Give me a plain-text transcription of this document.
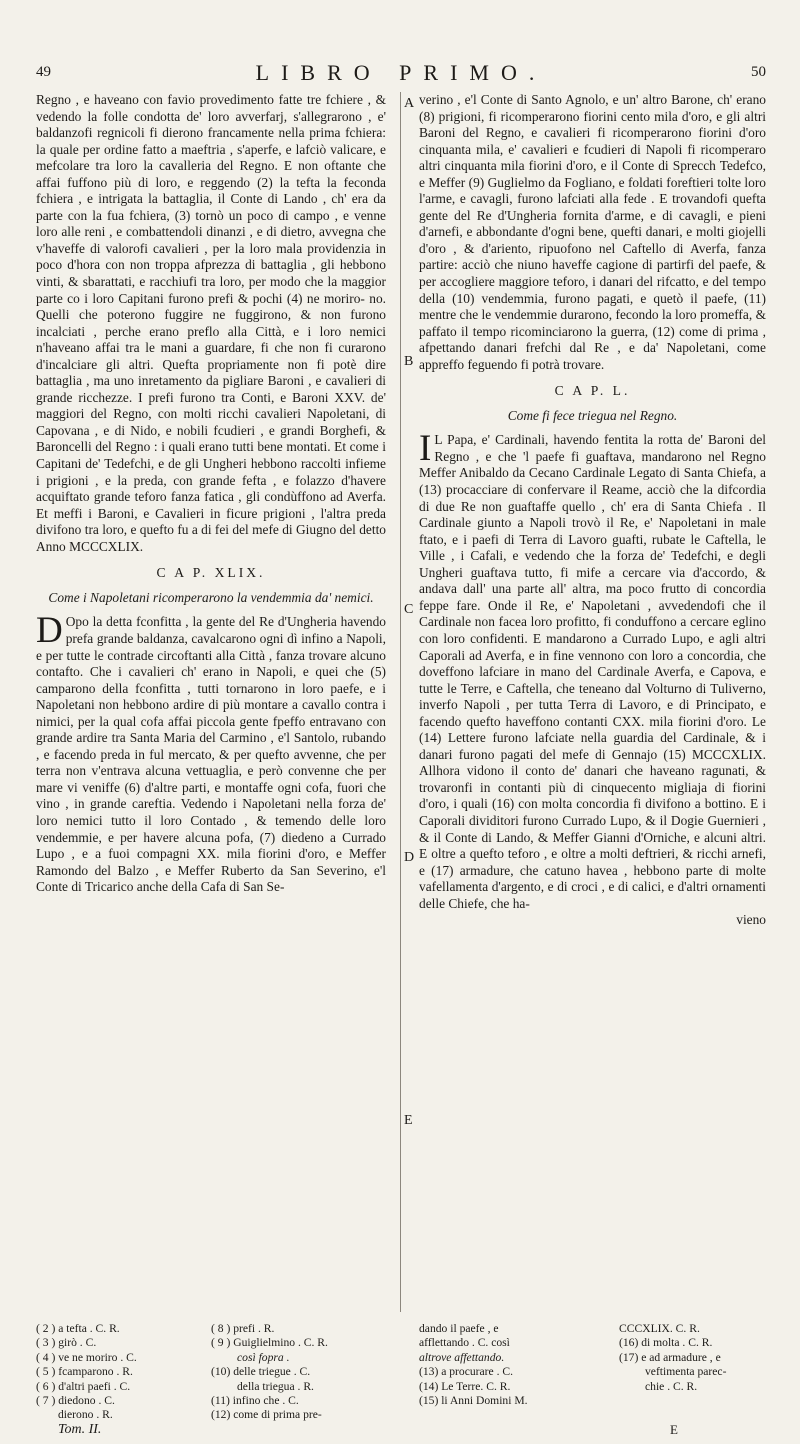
49	LIBRO PRIMO.	50
A
B
C
D
E

Regno , e haveano con favio provedimento fatte tre fchiere , & vedendo la folle condotta de' loro avverfarj, s'allegrarono , e' baldanzofi regnicoli fi dierono francamente nella prima fchiera: la quale per ordine fatto a maeftria , s'aperfe, e lafciò valicare, e mefcolare tra loro la cavalleria del Regno. E non oftante che affai fuffono più di loro, e reggendo (2) la tefta la feconda fchiera , e intrigata la battaglia, il Conte di Lando , ch' era da parte con la fua fchiera, (3) tornò un poco di campo , e venne loro alle reni , e combattendoli dinanzi , e di dietro, avvegna che v'haveffe di valorofi cavalieri , per la loro mala providenzia in poco d'hora con non troppa afprezza di battaglia , gli hebbono vinti, & sbarattati, e racchiufi tra loro, per modo che la maggior parte co i loro Capitani furono prefi & pochi (4) ne moriro- no. Quelli che poterono fuggire ne fuggirono, & non furono incalciati , perche erano preflo alla Città, e i loro nemici n'haveano affai tra le mani a guardare, fi che non fi curarono d'incalciare gli altri. Quefta propriamente non fi potè dire battaglia , ma uno inretamento da pigliare Baroni , e cavalieri di grande ricchezze. I prefi furono tra Conti, e Baroni XXV. de' maggiori del Regno, con molti ricchi cavalieri Napoletani, di Capovana , e di Nido, e nobili fcudieri , e grandi Borghefi, & Baroncelli del Regno : i quali erano tutti bene montati. Et come i Capitani de' Tedefchi, e de gli Ungheri hebbono raccolti infieme i prigioni , e la preda, con grande fefta , e folazzo d'havere acquiftato grande teforo fanza fatica , gli condùffono ad Averfa. Et meffi i Baroni, e Cavalieri in ficure prigioni , l'altra preda divifono tra loro, e quefto fu a di fei del mefe di Giugno del detto Anno MCCCXLIX.

C A P. XLIX.

Come i Napoletani ricomperarono la vendemmia da' nemici.

D Opo la detta fconfitta , la gente del Re d'Ungheria havendo prefa grande baldanza, cavalcarono ogni dì infino a Napoli, e per tutte le contrade circoftanti alla Città , fanza trovare alcuno contafto. Che i cavalieri ch' erano in Napoli, e quei che (5) camparono della fconfitta , tutti tornarono in loro paefe, e i Napoletani non hebbono ardire di più montare a cavallo contra i nimici, per la qual cofa affai piccola gente fpeffo entravano con grande ardire tra Santa Maria del Carmino , e'l Santolo, rubando , e facendo preda in ful mercato, & per quefto avvenne, che per terra non v'entrava alcuna vettuaglia, e però convenne che per mare vi veniffe (6) d'altre parti, e montaffe ogni cofa, fuori che vino , in grande careftia. Vedendo i Napoletani nella forza de' loro nemici tutto il loro Contado , & temendo delle loro vendemmie, e per havere alcuna pofa, (7) diedeno a Currado Lupo , e a fuoi compagni XX. mila fiorini d'oro, e Meffer Ramondo del Balzo , e Meffer Ruberto da San Severino, e'l Conte di Tricarico anche della Cafa di San Se-

verino , e'l Conte di Santo Agnolo, e un' altro Barone, ch' erano (8) prigioni, fi ricomperarono fiorini cento mila d'oro, e gli altri Baroni del Regno, e cavalieri fi ricomperarono fiorini d'oro cinquanta mila, e' cavalieri e fcudieri di Napoli fi ricomperaro altri cinquanta mila fiorini d'oro, e il Conte di Sprecch Tedefco, e Meffer (9) Guglielmo da Fogliano, e foldati foreftieri tolte loro l'arme, e cavagli, furono lafciati alla fede . E trovandofi quefta gente del Re d'Ungheria fornita d'arme, e di cavagli, e pieni d'arnefi, e abbondante d'ogni bene, quefti danari, e molti giojelli d'oro , & d'ariento, ripuofono nel Caftello di Averfa, fanza partire: acciò che niuno haveffe cagione di partirfi del paefe, & per accogliere maggiore teforo, i danari del rifcatto, e del tempo della (10) vendemmia, furono pagati, e quetò il paefe, (11) mentre che le vendemmie durarono, fecondo la loro promeffa, & paffato il tempo ricominciarono la guerra, (12) come di prima , afpettando danari frefchi dal Re , e da' Napoletani, come appreffo feguendo fi potrà trovare.

C A P. L.

Come fi fece triegua nel Regno.

I L Papa, e' Cardinali, havendo fentita la rotta de' Baroni del Regno , e che 'l paefe fi guaftava, mandarono nel Regno Meffer Anibaldo da Cecano Cardinale Legato di Santa Chiefa, a (13) procacciare di confervare il Reame, acciò che la difcordia di due Re non guaftaffe quello , ch' era di Santa Chiefa . Il Cardinale giunto a Napoli trovò il Re, e' Napoletani in male ftato, e i paefi di Terra di Lavoro guafti, rubate le Caftella, le Ville , i Cafali, e vedendo che la forza de' Tedefchi, e degli Ungheri guaftava tutto, fi mife a cercare via d'accordo, & andava dall' una parte all' altra, ma poco frutto di concordia feppe fare. Onde il Re, e' Napoletani , avvedendofi che il Cardinale non facea loro profitto, fi conduffono a cercare eglino con loro confidenti. E mandarono a Currado Lupo, e agli altri Caporali ad Averfa, e in fine vennono con loro a concordia, che doveffono lafciare in mano del Cardinale Averfa, e Capova, e tutte le Terre, e Caftella, che teneano dal Volturno di Tuliverno, inverfo Napoli , per tutta Terra di Lavoro, e di Principato, e facendo quefto haveffono contanti CXX. mila fiorini d'oro. Le (14) Lettere furono lafciate nella guardia del Cardinale, & i danari furono pagati del mefe di Gennajo (15) MCCCXLIX. Allhora vidono il conto de' danari che haveano ragunati, & trovaronfi in contanti più di cinquecento migliaja di fiorini d'oro, i quali (16) con molta concordia fi divifono a bottino. E i Caporali dividitori furono Currado Lupo, & il Dogie Guernieri , & il Conte di Lando, & Meffer Gianni d'Orniche, e alcuni altri. E oltre a quefto teforo , e oltre a molti deftrieri, & ricchi arnefi, e (17) armadure, che catuno havea , hebbono parte di molte vafellamenta d'argento, e di croci , e di calici, e d'altri ornamenti delle Chiefe, che ha-

vieno

( 2 ) a tefta . C. R.
( 3 ) girò . C.
( 4 ) ve ne moriro . C.
( 5 ) fcamparono . R.
( 6 ) d'altri paefi . C.
( 7 ) diedono . C.
dierono . R.
Tom. II.
( 8 ) prefi . R.
( 9 ) Guiglielmino . C. R.
così fopra .
(10) delle triegue . C.
della triegua . R.
(11) infino che . C.
(12) come di prima pre-
dando il paefe , e
afflettando . C. così
altrove affettando.
(13) a procurare . C.
(14) Le Terre. C. R.
(15) li Anni Domini M.
CCCXLIX. C. R.
(16) di molta . C. R.
(17) e ad armadure , e
veftimenta parec-
chie . C. R.
E
